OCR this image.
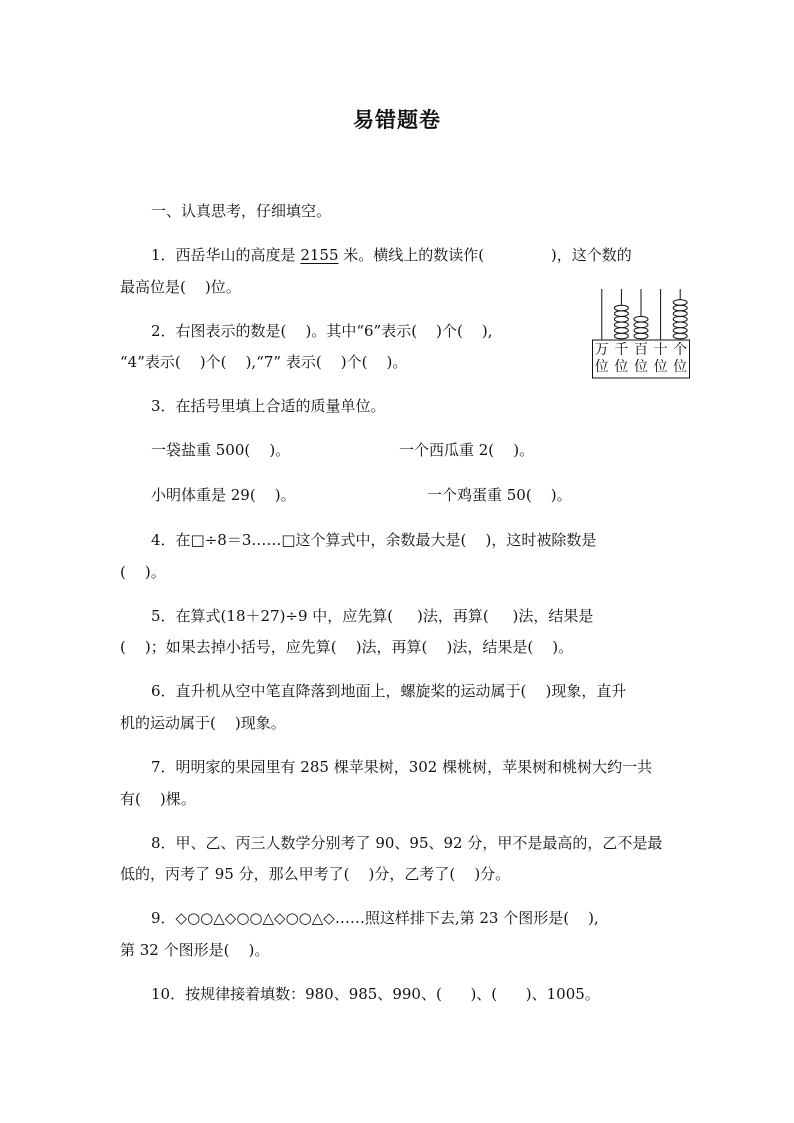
易错题卷
一、认真思考，仔细填空。
1．西岳华山的高度是 2155 米。横线上的数读作(              )，这个数的
最高位是(    )位。
2．右图表示的数是(    )。其中“6”表示(    )个(    ),
“4”表示(    )个(    ),“7” 表示(    )个(    )。
万
位
千
位
百
位
十
位
个
位
3．在括号里填上合适的质量单位。
一袋盐重 500(    )。	一个西瓜重 2(    )。
小明体重是 29(    )。	一个鸡蛋重 50(    )。
4．在□÷8＝3……□这个算式中，余数最大是(    )，这时被除数是
(    )。
5．在算式(18＋27)÷9 中，应先算(     )法，再算(     )法，结果是
(    )；如果去掉小括号，应先算(    )法，再算(    )法，结果是(    )。
6．直升机从空中笔直降落到地面上，螺旋桨的运动属于(    )现象，直升
机的运动属于(    )现象。
7．明明家的果园里有 285 棵苹果树，302 棵桃树，苹果树和桃树大约一共
有(    )棵。
8．甲、乙、丙三人数学分别考了 90、95、92 分，甲不是最高的，乙不是最
低的，丙考了 95 分，那么甲考了(    )分，乙考了(    )分。
9．◇○○△◇○○△◇○○△◇……照这样排下去,第 23 个图形是(    ),
第 32 个图形是(    )。
10．按规律接着填数：980、985、990、(      )、(      )、1005。
